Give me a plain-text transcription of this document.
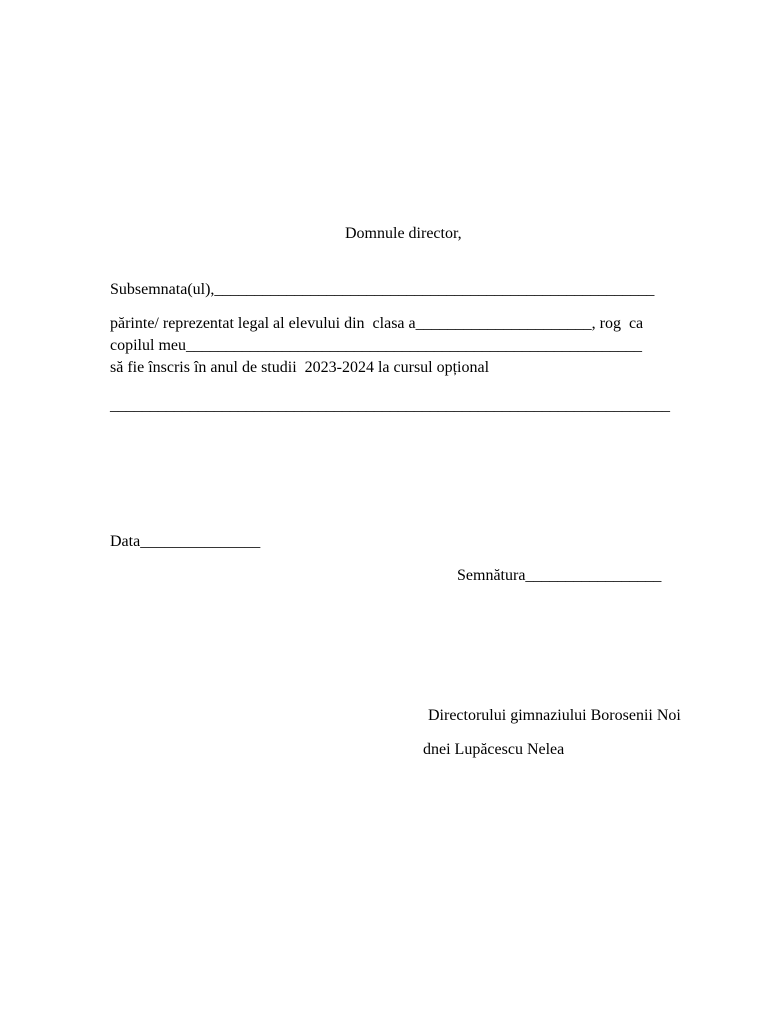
Domnule director,
Subsemnata(ul),_______________________________________________________
părinte/ reprezentat legal al elevului din  clasa a______________________, rog  ca
copilul meu_________________________________________________________
să fie înscris în anul de studii  2023-2024 la cursul opțional
______________________________________________________________________
Data_______________
Semnătura_________________
Directorului gimnaziului Borosenii Noi
dnei Lupăcescu Nelea
